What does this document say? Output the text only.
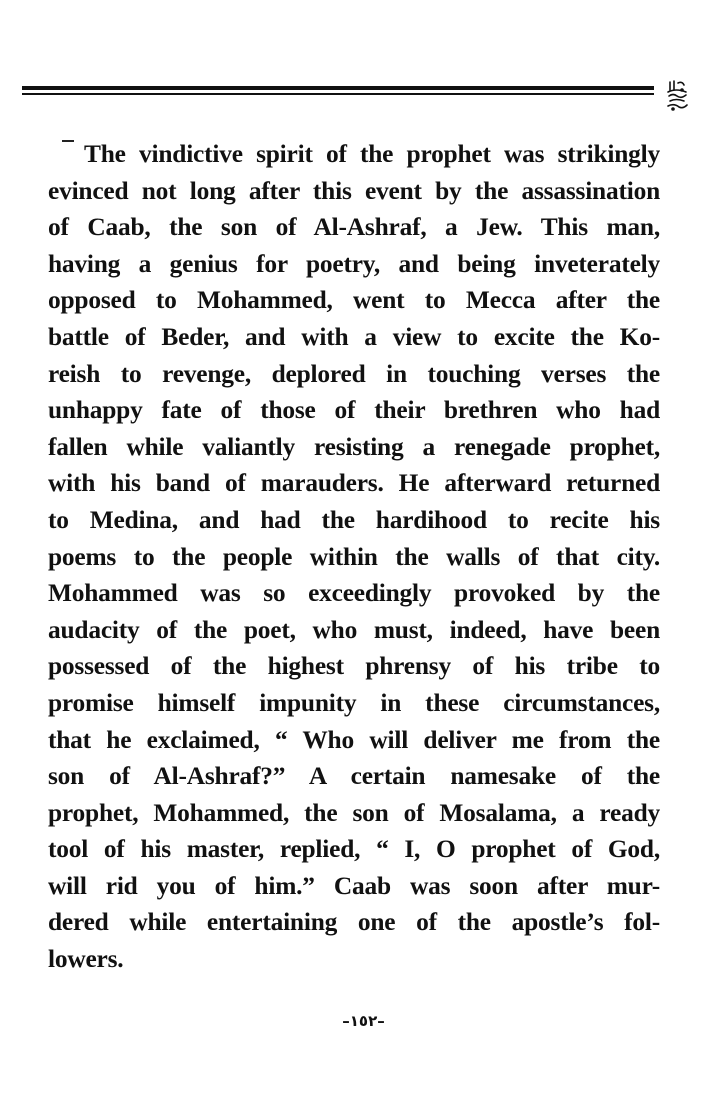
The vindictive spirit of the prophet was strikingly
evinced not long after this event by the assassination
of Caab, the son of Al-Ashraf, a Jew. This man,
having a genius for poetry, and being inveterately
opposed to Mohammed, went to Mecca after the
battle of Beder, and with a view to excite the Ko-
reish to revenge, deplored in touching verses the
unhappy fate of those of their brethren who had
fallen while valiantly resisting a renegade prophet,
with his band of marauders. He afterward returned
to Medina, and had the hardihood to recite his
poems to the people within the walls of that city.
Mohammed was so exceedingly provoked by the
audacity of the poet, who must, indeed, have been
possessed of the highest phrensy of his tribe to
promise himself impunity in these circumstances,
that he exclaimed, “ Who will deliver me from the
son of Al-Ashraf?” A certain namesake of the
prophet, Mohammed, the son of Mosalama, a ready
tool of his master, replied, “ I, O prophet of God,
will rid you of him.” Caab was soon after mur-
dered while entertaining one of the apostle’s fol-
lowers.
–١٥٢–
